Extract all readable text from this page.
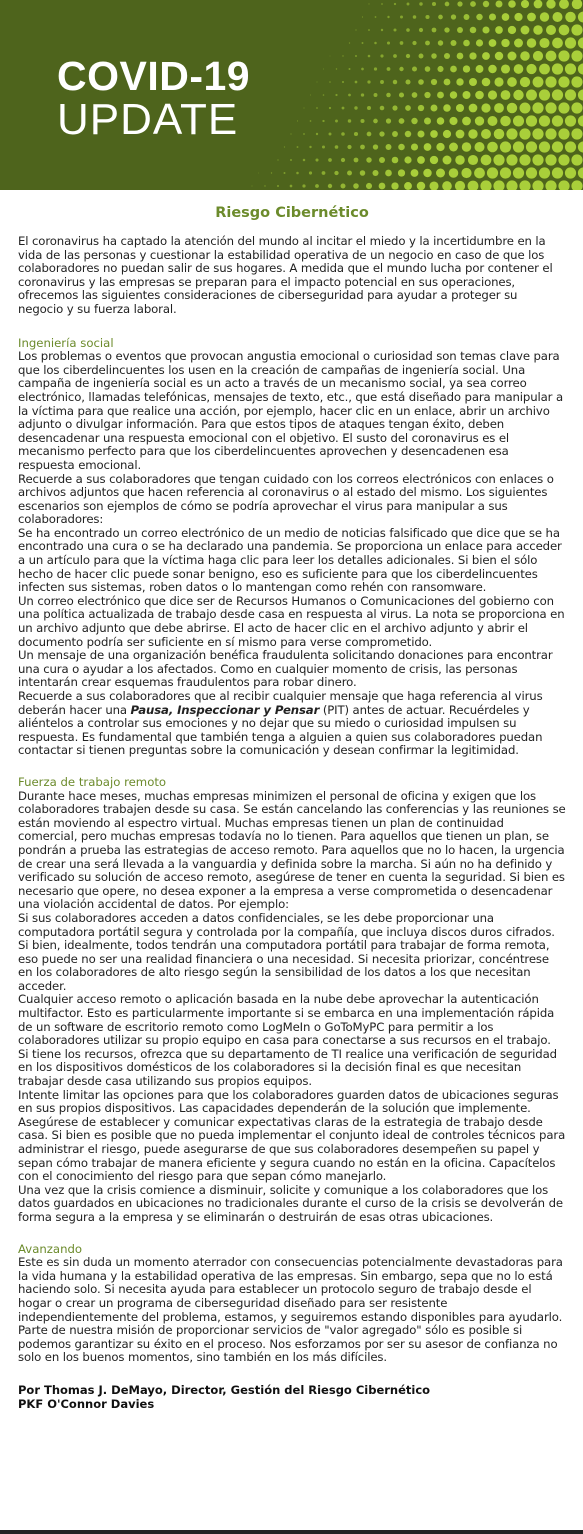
COVID-19
UPDATE
Riesgo Cibernético

El coronavirus ha captado la atención del mundo al incitar el miedo y la incertidumbre en la vida de las personas y cuestionar la estabilidad operativa de un negocio en caso de que los colaboradores no puedan salir de sus hogares. A medida que el mundo lucha por contener el coronavirus y las empresas se preparan para el impacto potencial en sus operaciones, ofrecemos las siguientes consideraciones de ciberseguridad para ayudar a proteger su negocio y su fuerza laboral.

Ingeniería social

Los problemas o eventos que provocan angustia emocional o curiosidad son temas clave para que los ciberdelincuentes los usen en la creación de campañas de ingeniería social. Una campaña de ingeniería social es un acto a través de un mecanismo social, ya sea correo electrónico, llamadas telefónicas, mensajes de texto, etc., que está diseñado para manipular a la víctima para que realice una acción, por ejemplo, hacer clic en un enlace, abrir un archivo adjunto o divulgar información. Para que estos tipos de ataques tengan éxito, deben desencadenar una respuesta emocional con el objetivo. El susto del coronavirus es el mecanismo perfecto para que los ciberdelincuentes aprovechen y desencadenen esa respuesta emocional.

Recuerde a sus colaboradores que tengan cuidado con los correos electrónicos con enlaces o archivos adjuntos que hacen referencia al coronavirus o al estado del mismo. Los siguientes escenarios son ejemplos de cómo se podría aprovechar el virus para manipular a sus colaboradores:

Se ha encontrado un correo electrónico de un medio de noticias falsificado que dice que se ha encontrado una cura o se ha declarado una pandemia. Se proporciona un enlace para acceder a un artículo para que la víctima haga clic para leer los detalles adicionales. Si bien el sólo hecho de hacer clic puede sonar benigno, eso es suficiente para que los ciberdelincuentes infecten sus sistemas, roben datos o lo mantengan como rehén con ransomware.

Un correo electrónico que dice ser de Recursos Humanos o Comunicaciones del gobierno con una política actualizada de trabajo desde casa en respuesta al virus. La nota se proporciona en un archivo adjunto que debe abrirse. El acto de hacer clic en el archivo adjunto y abrir el documento podría ser suficiente en sí mismo para verse comprometido.

Un mensaje de una organización benéfica fraudulenta solicitando donaciones para encontrar una cura o ayudar a los afectados. Como en cualquier momento de crisis, las personas intentarán crear esquemas fraudulentos para robar dinero.

Recuerde a sus colaboradores que al recibir cualquier mensaje que haga referencia al virus deberán hacer una Pausa, Inspeccionar y Pensar (PIT) antes de actuar. Recuérdeles y aliéntelos a controlar sus emociones y no dejar que su miedo o curiosidad impulsen su respuesta. Es fundamental que también tenga a alguien a quien sus colaboradores puedan contactar si tienen preguntas sobre la comunicación y desean confirmar la legitimidad.

Fuerza de trabajo remoto

Durante hace meses, muchas empresas minimizen el personal de oficina y exigen que los colaboradores trabajen desde su casa. Se están cancelando las conferencias y las reuniones se están moviendo al espectro virtual. Muchas empresas tienen un plan de continuidad comercial, pero muchas empresas todavía no lo tienen. Para aquellos que tienen un plan, se pondrán a prueba las estrategias de acceso remoto. Para aquellos que no lo hacen, la urgencia de crear una será llevada a la vanguardia y definida sobre la marcha. Si aún no ha definido y verificado su solución de acceso remoto, asegúrese de tener en cuenta la seguridad. Si bien es necesario que opere, no desea exponer a la empresa a verse comprometida o desencadenar una violación accidental de datos. Por ejemplo:

Si sus colaboradores acceden a datos confidenciales, se les debe proporcionar una computadora portátil segura y controlada por la compañía, que incluya discos duros cifrados. Si bien, idealmente, todos tendrán una computadora portátil para trabajar de forma remota, eso puede no ser una realidad financiera o una necesidad. Si necesita priorizar, concéntrese en los colaboradores de alto riesgo según la sensibilidad de los datos a los que necesitan acceder.

Cualquier acceso remoto o aplicación basada en la nube debe aprovechar la autenticación multifactor. Esto es particularmente importante si se embarca en una implementación rápida de un software de escritorio remoto como LogMeIn o GoToMyPC para permitir a los colaboradores utilizar su propio equipo en casa para conectarse a sus recursos en el trabajo.

Si tiene los recursos, ofrezca que su departamento de TI realice una verificación de seguridad en los dispositivos domésticos de los colaboradores si la decisión final es que necesitan trabajar desde casa utilizando sus propios equipos.

Intente limitar las opciones para que los colaboradores guarden datos de ubicaciones seguras en sus propios dispositivos. Las capacidades dependerán de la solución que implemente.

Asegúrese de establecer y comunicar expectativas claras de la estrategia de trabajo desde casa. Si bien es posible que no pueda implementar el conjunto ideal de controles técnicos para administrar el riesgo, puede asegurarse de que sus colaboradores desempeñen su papel y sepan cómo trabajar de manera eficiente y segura cuando no están en la oficina. Capacítelos con el conocimiento del riesgo para que sepan cómo manejarlo.

Una vez que la crisis comience a disminuir, solicite y comunique a los colaboradores que los datos guardados en ubicaciones no tradicionales durante el curso de la crisis se devolverán de forma segura a la empresa y se eliminarán o destruirán de esas otras ubicaciones.

Avanzando

Este es sin duda un momento aterrador con consecuencias potencialmente devastadoras para la vida humana y la estabilidad operativa de las empresas. Sin embargo, sepa que no lo está haciendo solo. Si necesita ayuda para establecer un protocolo seguro de trabajo desde el hogar o crear un programa de ciberseguridad diseñado para ser resistente independientemente del problema, estamos, y seguiremos estando disponibles para ayudarlo.

Parte de nuestra misión de proporcionar servicios de "valor agregado" sólo es posible si podemos garantizar su éxito en el proceso. Nos esforzamos por ser su asesor de confianza no solo en los buenos momentos, sino también en los más difíciles.

Por Thomas J. DeMayo, Director, Gestión del Riesgo Cibernético
PKF O'Connor Davies
